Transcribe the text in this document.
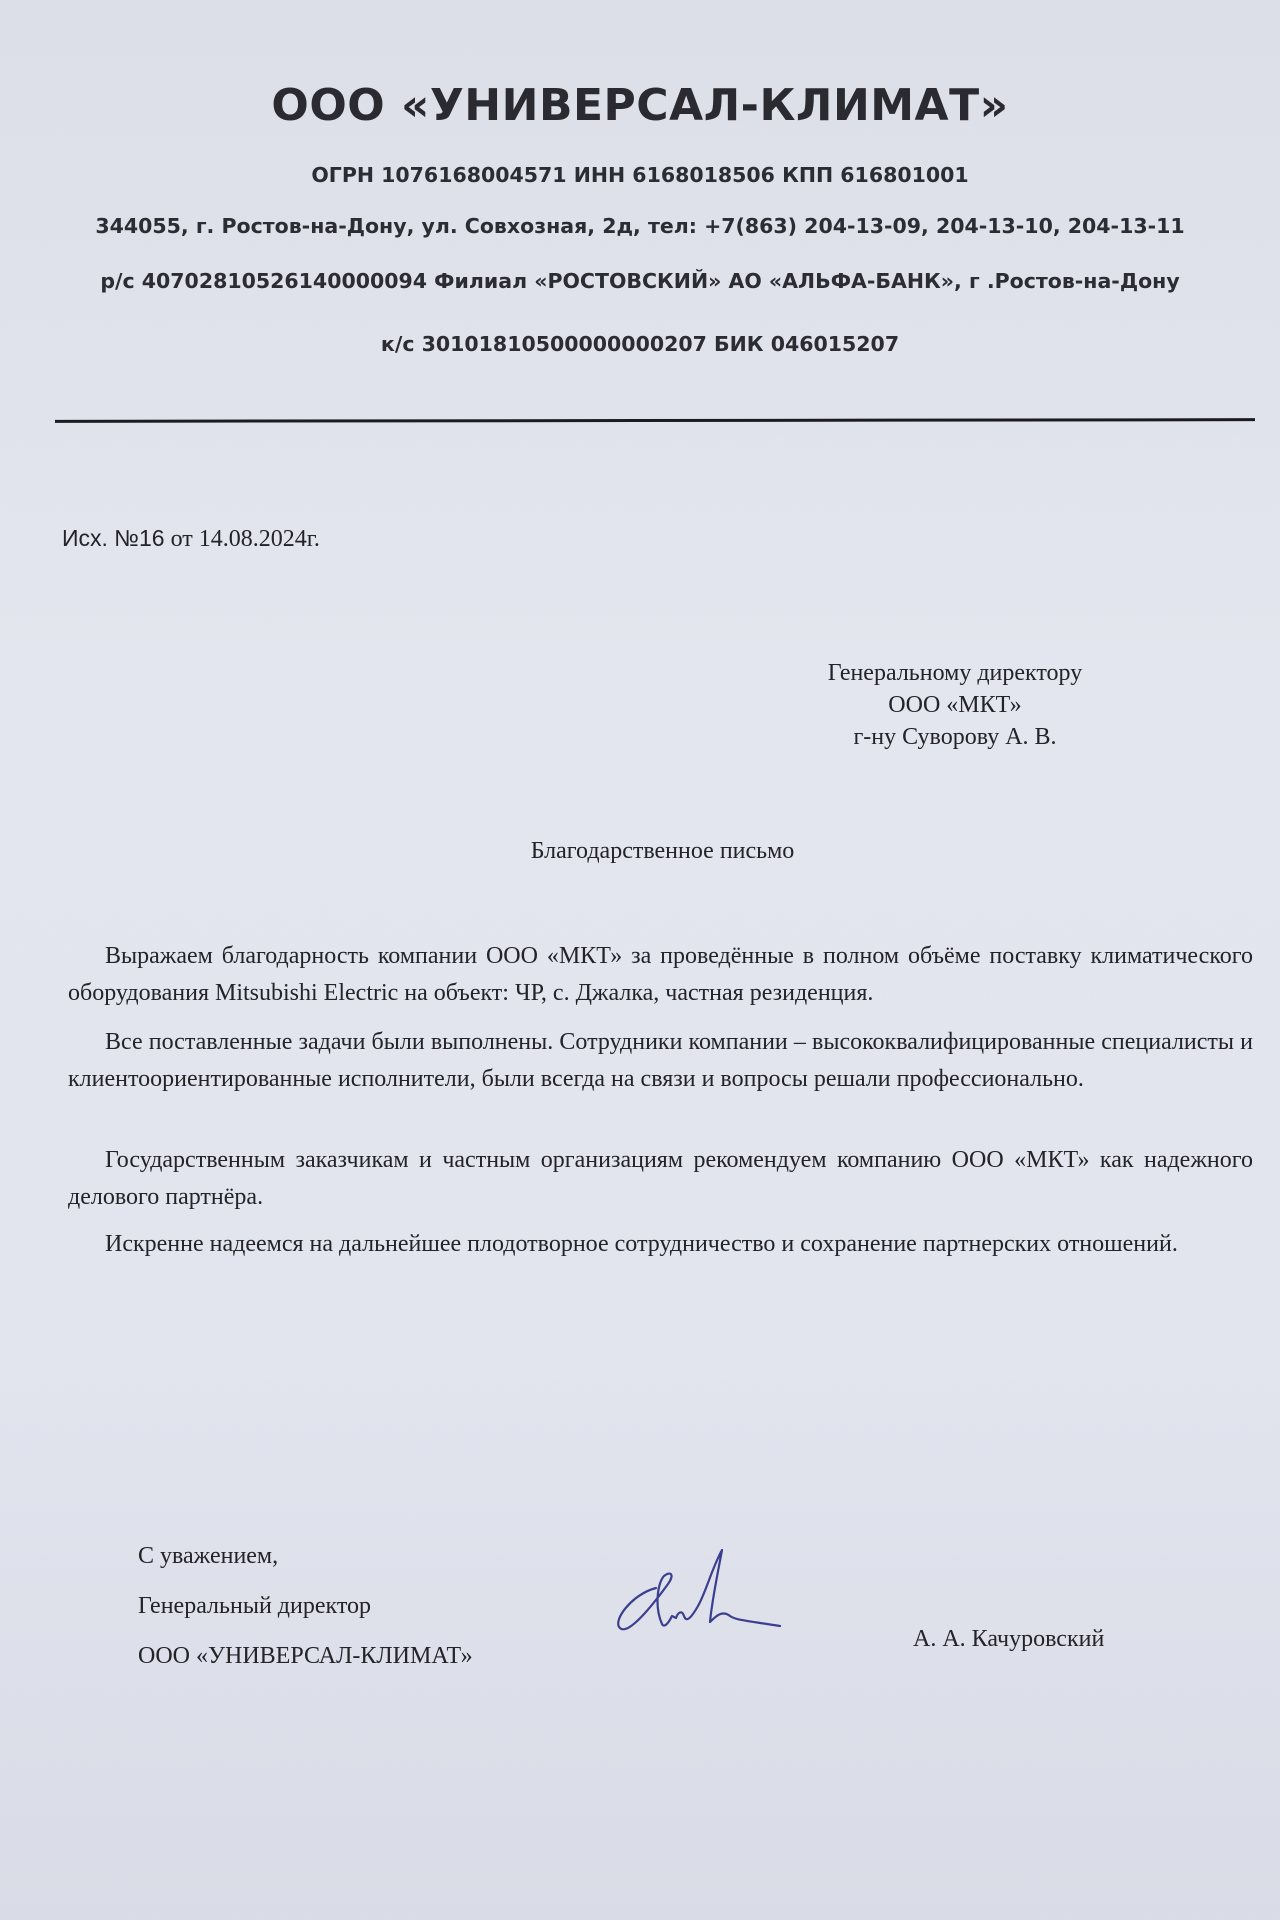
ООО «УНИВЕРСАЛ-КЛИМАТ»
ОГРН 1076168004571 ИНН 6168018506 КПП 616801001
344055, г. Ростов-на-Дону, ул. Совхозная, 2д, тел: +7(863) 204-13-09, 204-13-10, 204-13-11
р/с 40702810526140000094 Филиал «РОСТОВСКИЙ» АО «АЛЬФА-БАНК», г .Ростов-на-Дону
к/с 30101810500000000207 БИК 046015207
Исх. №16 от 14.08.2024г.
Генеральному директору
ООО «МКТ»
г-ну Суворову А. В.
Благодарственное письмо
Выражаем благодарность компании ООО «МКТ» за проведённые в полном объёме поставку климатического оборудования Mitsubishi Electric на объект: ЧР, с. Джалка, частная резиденция.
Все поставленные задачи были выполнены. Сотрудники компании – высококвалифицированные специалисты и клиентоориентированные исполнители, были всегда на связи и вопросы решали профессионально.
Государственным заказчикам и частным организациям рекомендуем компанию ООО «МКТ» как надежного делового партнёра.
Искренне надеемся на дальнейшее плодотворное сотрудничество и сохранение партнерских отношений.
С уважением,
Генеральный директор
ООО «УНИВЕРСАЛ-КЛИМАТ»
А. А. Качуровский
